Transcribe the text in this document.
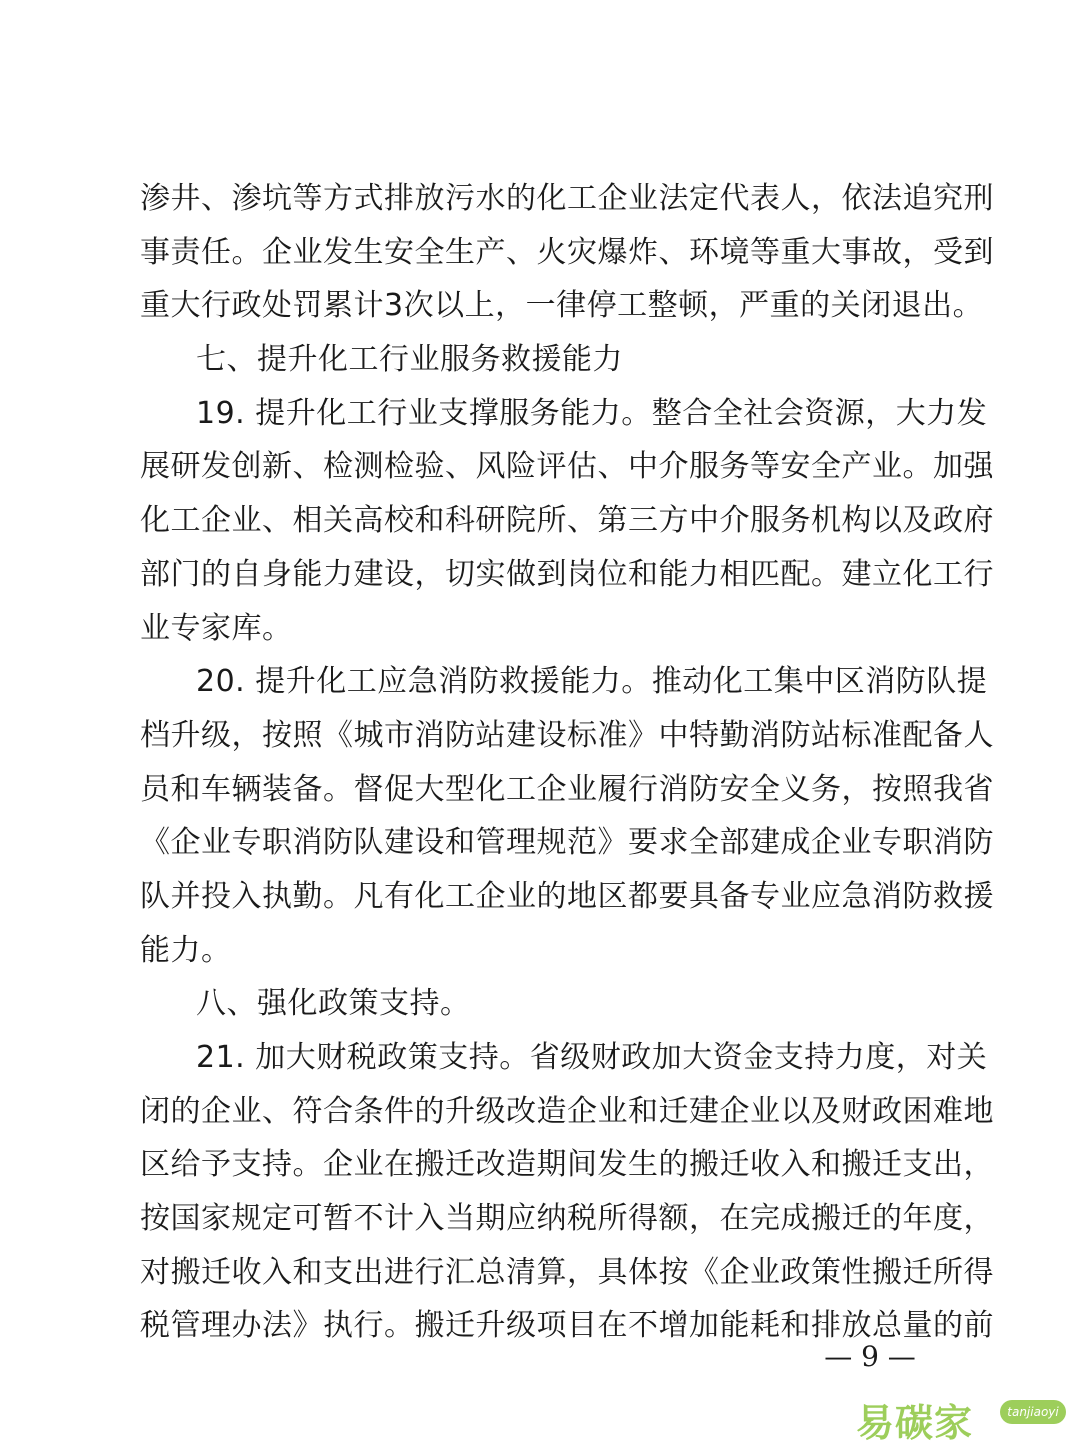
渗井、渗坑等方式排放污水的化工企业法定代表人，依法追究刑
事责任。企业发生安全生产、火灾爆炸、环境等重大事故，受到
重大行政处罚累计3次以上，一律停工整顿，严重的关闭退出。
七、提升化工行业服务救援能力
19. 提升化工行业支撑服务能力。整合全社会资源，大力发
展研发创新、检测检验、风险评估、中介服务等安全产业。加强
化工企业、相关高校和科研院所、第三方中介服务机构以及政府
部门的自身能力建设，切实做到岗位和能力相匹配。建立化工行
业专家库。
20. 提升化工应急消防救援能力。推动化工集中区消防队提
档升级，按照《城市消防站建设标准》中特勤消防站标准配备人
员和车辆装备。督促大型化工企业履行消防安全义务，按照我省
《企业专职消防队建设和管理规范》要求全部建成企业专职消防
队并投入执勤。凡有化工企业的地区都要具备专业应急消防救援
能力。
八、强化政策支持。
21. 加大财税政策支持。省级财政加大资金支持力度，对关
闭的企业、符合条件的升级改造企业和迁建企业以及财政困难地
区给予支持。企业在搬迁改造期间发生的搬迁收入和搬迁支出，
按国家规定可暂不计入当期应纳税所得额，在完成搬迁的年度，
对搬迁收入和支出进行汇总清算，具体按《企业政策性搬迁所得
税管理办法》执行。搬迁升级项目在不增加能耗和排放总量的前
— 9 —
易碳家	tanjiaoyi
